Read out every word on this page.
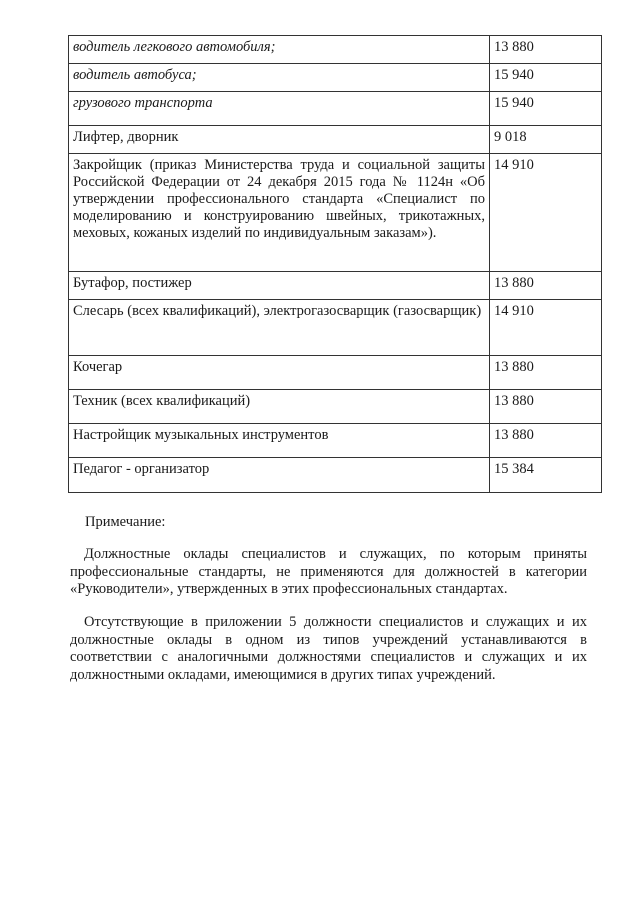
водитель легкового автомобиля;	13 880
водитель автобуса;	15 940
грузового транспорта	15 940
Лифтер, дворник	9 018
Закройщик (приказ Министерства труда и социальной защиты Российской Федерации от 24 декабря 2015 года № 1124н «Об утверждении профессионального стандарта «Специалист по моделированию и конструированию швейных, трикотажных, меховых, кожаных изделий по индивидуальным заказам»).	14 910
Бутафор, постижер	13 880
Слесарь (всех квалификаций), электрогазосварщик (газосварщик)	14 910
Кочегар	13 880
Техник (всех квалификаций)	13 880
Настройщик музыкальных инструментов	13 880
Педагог - организатор	15 384

Примечание:

Должностные оклады специалистов и служащих, по которым приняты профессиональные стандарты, не применяются для должностей в категории «Руководители», утвержденных в этих профессиональных стандартах.

Отсутствующие в приложении 5 должности специалистов и служащих и их должностные оклады в одном из типов учреждений устанавливаются в соответствии с аналогичными должностями специалистов и служащих и их должностными окладами, имеющимися в других типах учреждений.
